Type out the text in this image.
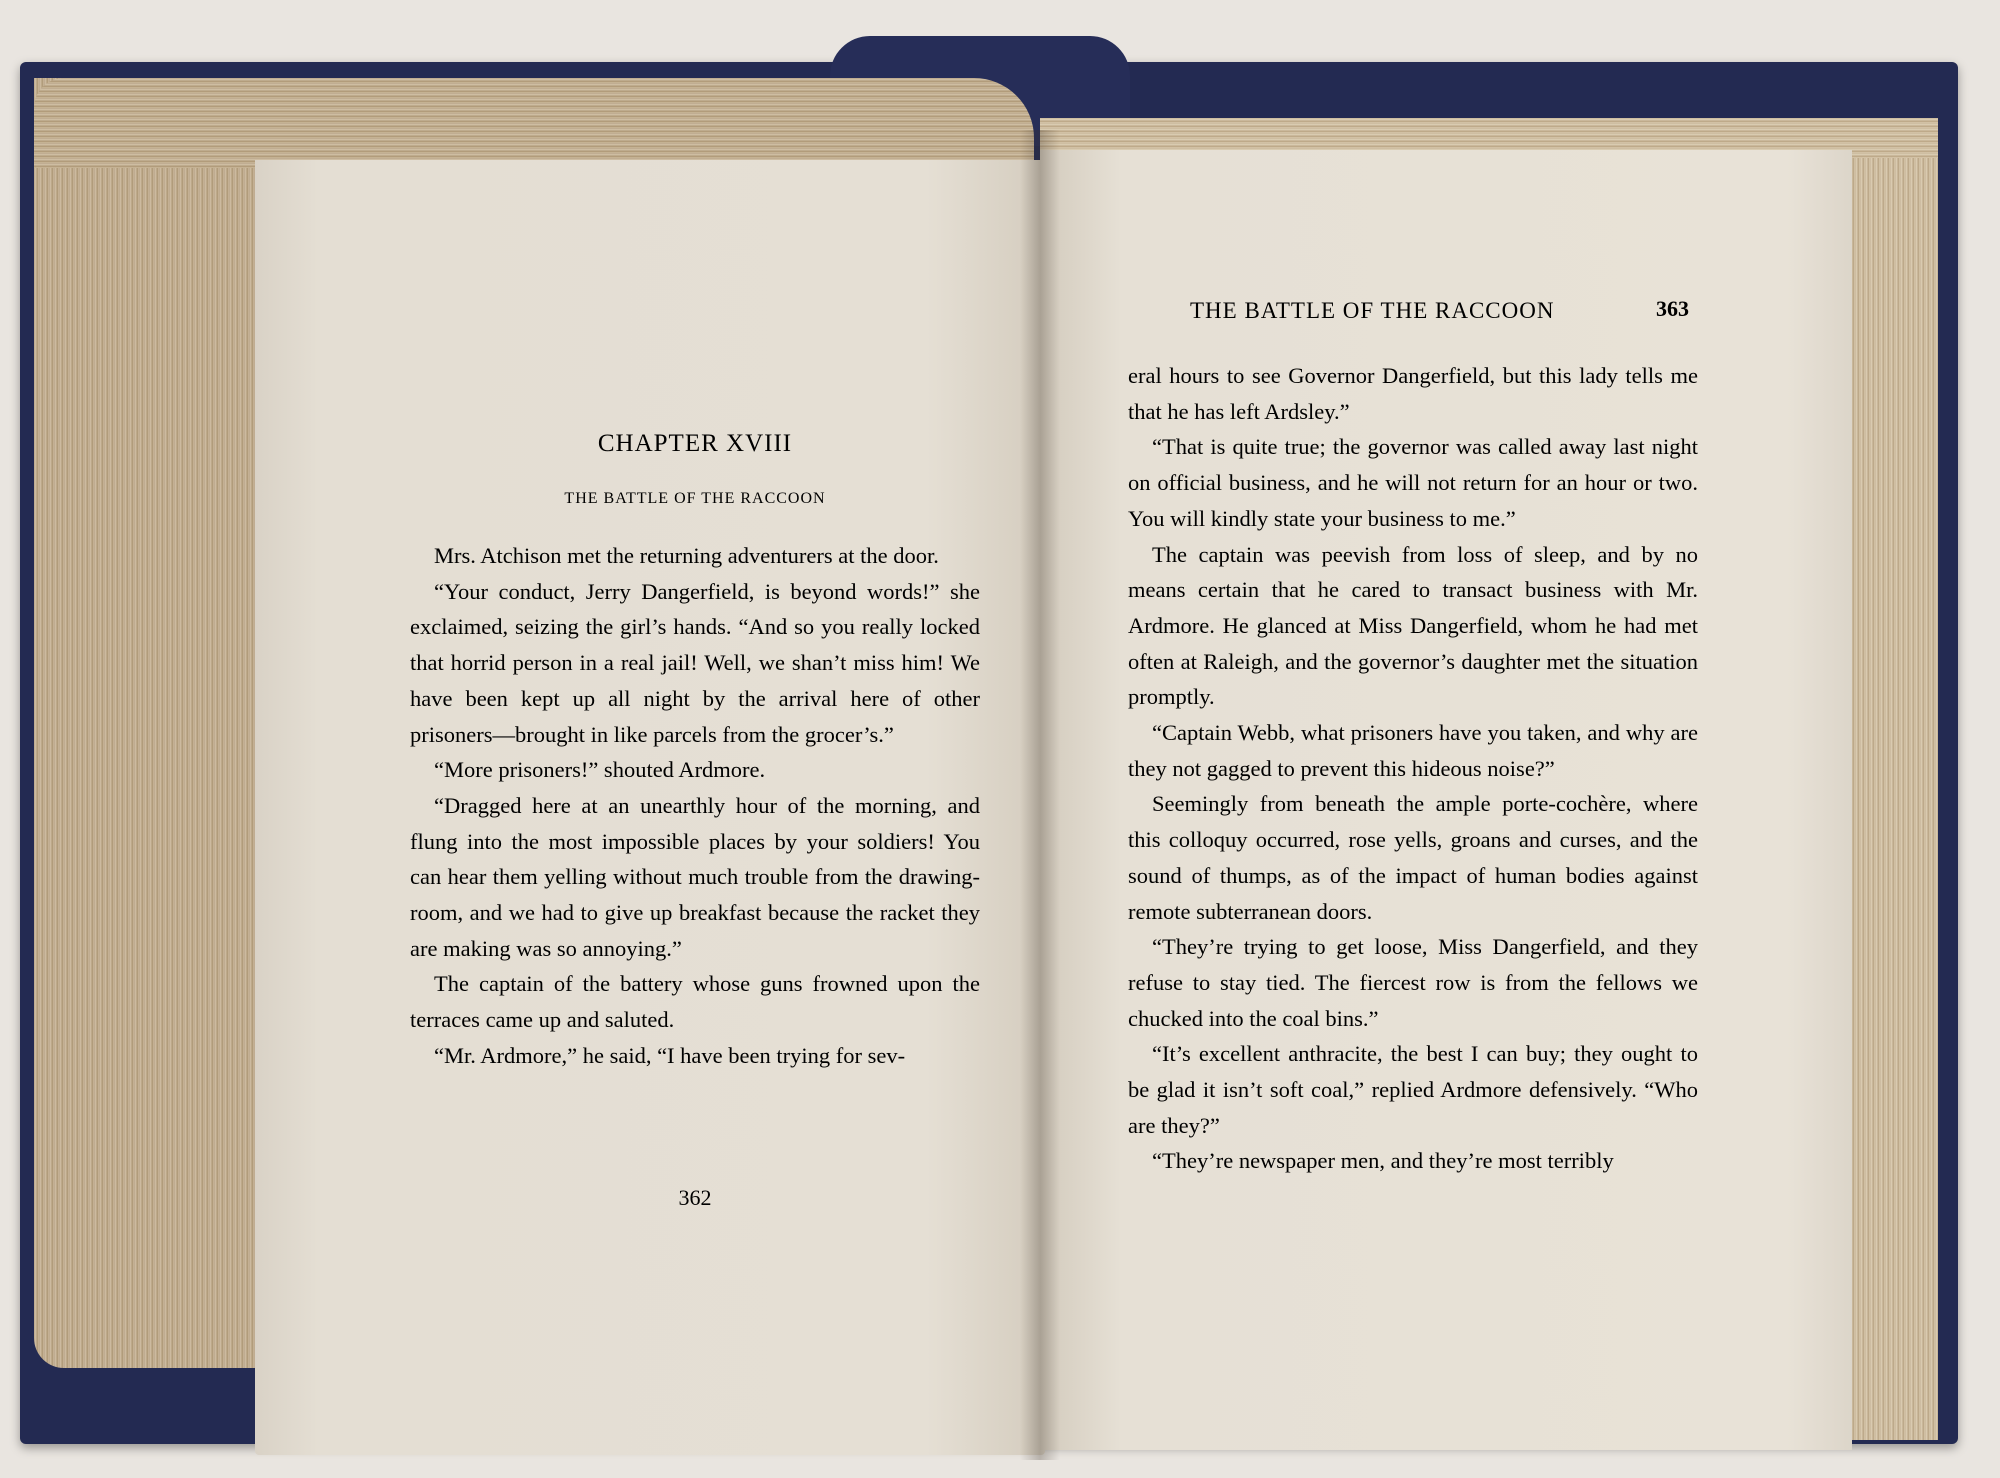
CHAPTER XVIII
THE BATTLE OF THE RACCOON

Mrs. Atchison met the returning adventurers at the door.

“Your conduct, Jerry Dangerfield, is beyond words!” she exclaimed, seizing the girl’s hands. “And so you really locked that horrid person in a real jail! Well, we shan’t miss him! We have been kept up all night by the arrival here of other prisoners—brought in like parcels from the grocer’s.”

“More prisoners!” shouted Ardmore.

“Dragged here at an unearthly hour of the morning, and flung into the most impossible places by your soldiers! You can hear them yelling without much trouble from the drawing-room, and we had to give up breakfast because the racket they are making was so annoying.”

The captain of the battery whose guns frowned upon the terraces came up and saluted.

“Mr. Ardmore,” he said, “I have been trying for sev-

362
THE BATTLE OF THE RACCOON	363

eral hours to see Governor Dangerfield, but this lady tells me that he has left Ardsley.”

“That is quite true; the governor was called away last night on official business, and he will not return for an hour or two. You will kindly state your business to me.”

The captain was peevish from loss of sleep, and by no means certain that he cared to transact business with Mr. Ardmore. He glanced at Miss Dangerfield, whom he had met often at Raleigh, and the governor’s daughter met the situation promptly.

“Captain Webb, what prisoners have you taken, and why are they not gagged to prevent this hideous noise?”

Seemingly from beneath the ample porte-cochère, where this colloquy occurred, rose yells, groans and curses, and the sound of thumps, as of the impact of human bodies against remote subterranean doors.

“They’re trying to get loose, Miss Dangerfield, and they refuse to stay tied. The fiercest row is from the fellows we chucked into the coal bins.”

“It’s excellent anthracite, the best I can buy; they ought to be glad it isn’t soft coal,” replied Ardmore defensively. “Who are they?”

“They’re newspaper men, and they’re most terribly
